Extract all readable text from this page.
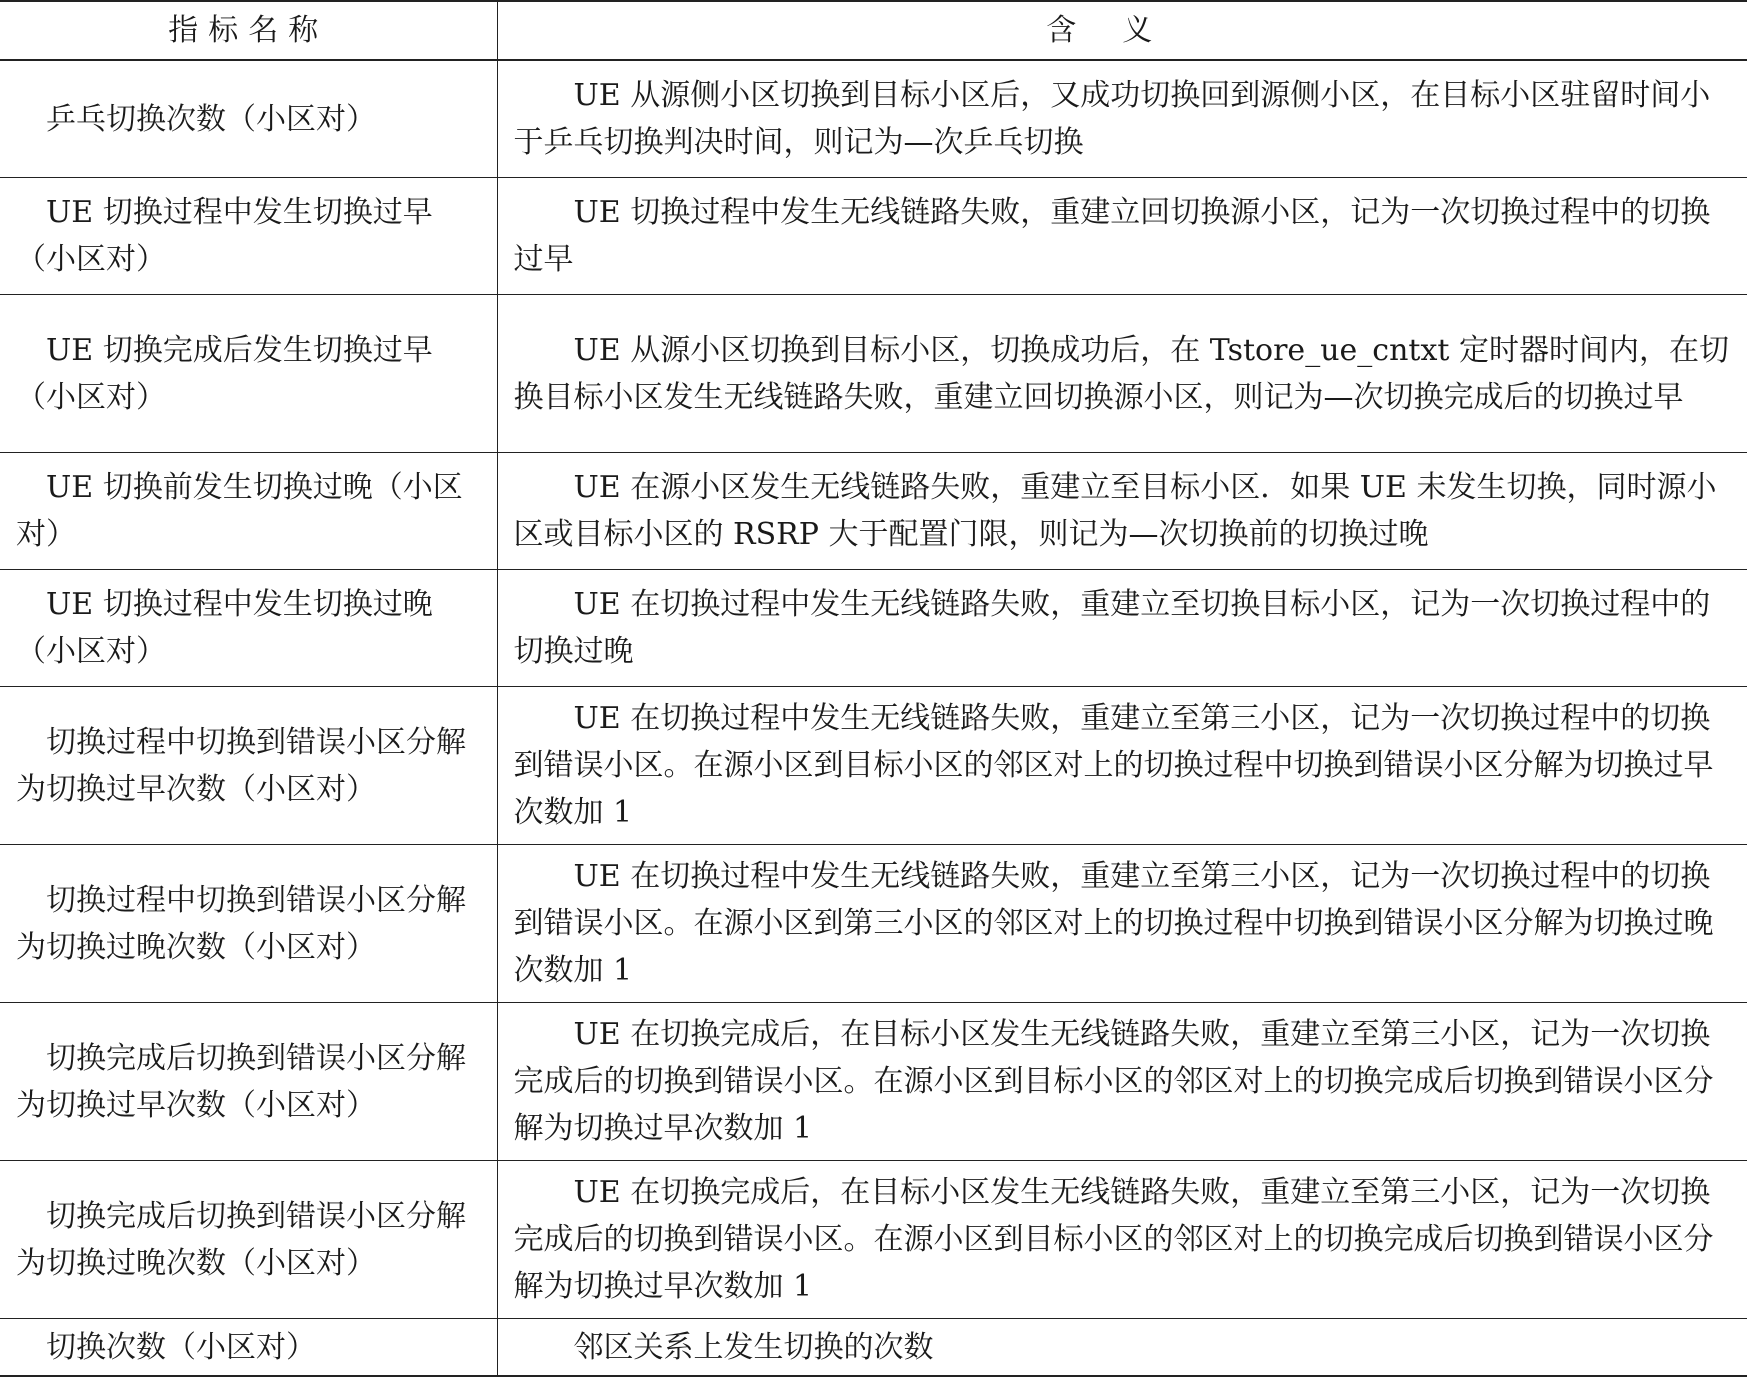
指标名称	含义

乒乓切换次数（小区对）	UE 从源侧小区切换到目标小区后，又成功切换回到源侧小区，在目标小区驻留时间小于乒乓切换判决时间，则记为—次乒乓切换

UE 切换过程中发生切换过早（小区对）	UE 切换过程中发生无线链路失败，重建立回切换源小区，记为一次切换过程中的切换过早

UE 切换完成后发生切换过早（小区对）	UE 从源小区切换到目标小区，切换成功后，在 Tstore_ue_cntxt 定时器时间内，在切换目标小区发生无线链路失败，重建立回切换源小区，则记为—次切换完成后的切换过早

UE 切换前发生切换过晚（小区对）	UE 在源小区发生无线链路失败，重建立至目标小区．如果 UE 未发生切换，同时源小区或目标小区的 RSRP 大于配置门限，则记为—次切换前的切换过晚

UE 切换过程中发生切换过晚（小区对）	UE 在切换过程中发生无线链路失败，重建立至切换目标小区，记为一次切换过程中的切换过晚

切换过程中切换到错误小区分解为切换过早次数（小区对）	UE 在切换过程中发生无线链路失败，重建立至第三小区，记为一次切换过程中的切换到错误小区。在源小区到目标小区的邻区对上的切换过程中切换到错误小区分解为切换过早次数加 1

切换过程中切换到错误小区分解为切换过晚次数（小区对）	UE 在切换过程中发生无线链路失败，重建立至第三小区，记为一次切换过程中的切换到错误小区。在源小区到第三小区的邻区对上的切换过程中切换到错误小区分解为切换过晚次数加 1

切换完成后切换到错误小区分解为切换过早次数（小区对）	UE 在切换完成后，在目标小区发生无线链路失败，重建立至第三小区，记为一次切换完成后的切换到错误小区。在源小区到目标小区的邻区对上的切换完成后切换到错误小区分解为切换过早次数加 1

切换完成后切换到错误小区分解为切换过晚次数（小区对）	UE 在切换完成后，在目标小区发生无线链路失败，重建立至第三小区，记为一次切换完成后的切换到错误小区。在源小区到目标小区的邻区对上的切换完成后切换到错误小区分解为切换过早次数加 1

切换次数（小区对）	邻区关系上发生切换的次数
